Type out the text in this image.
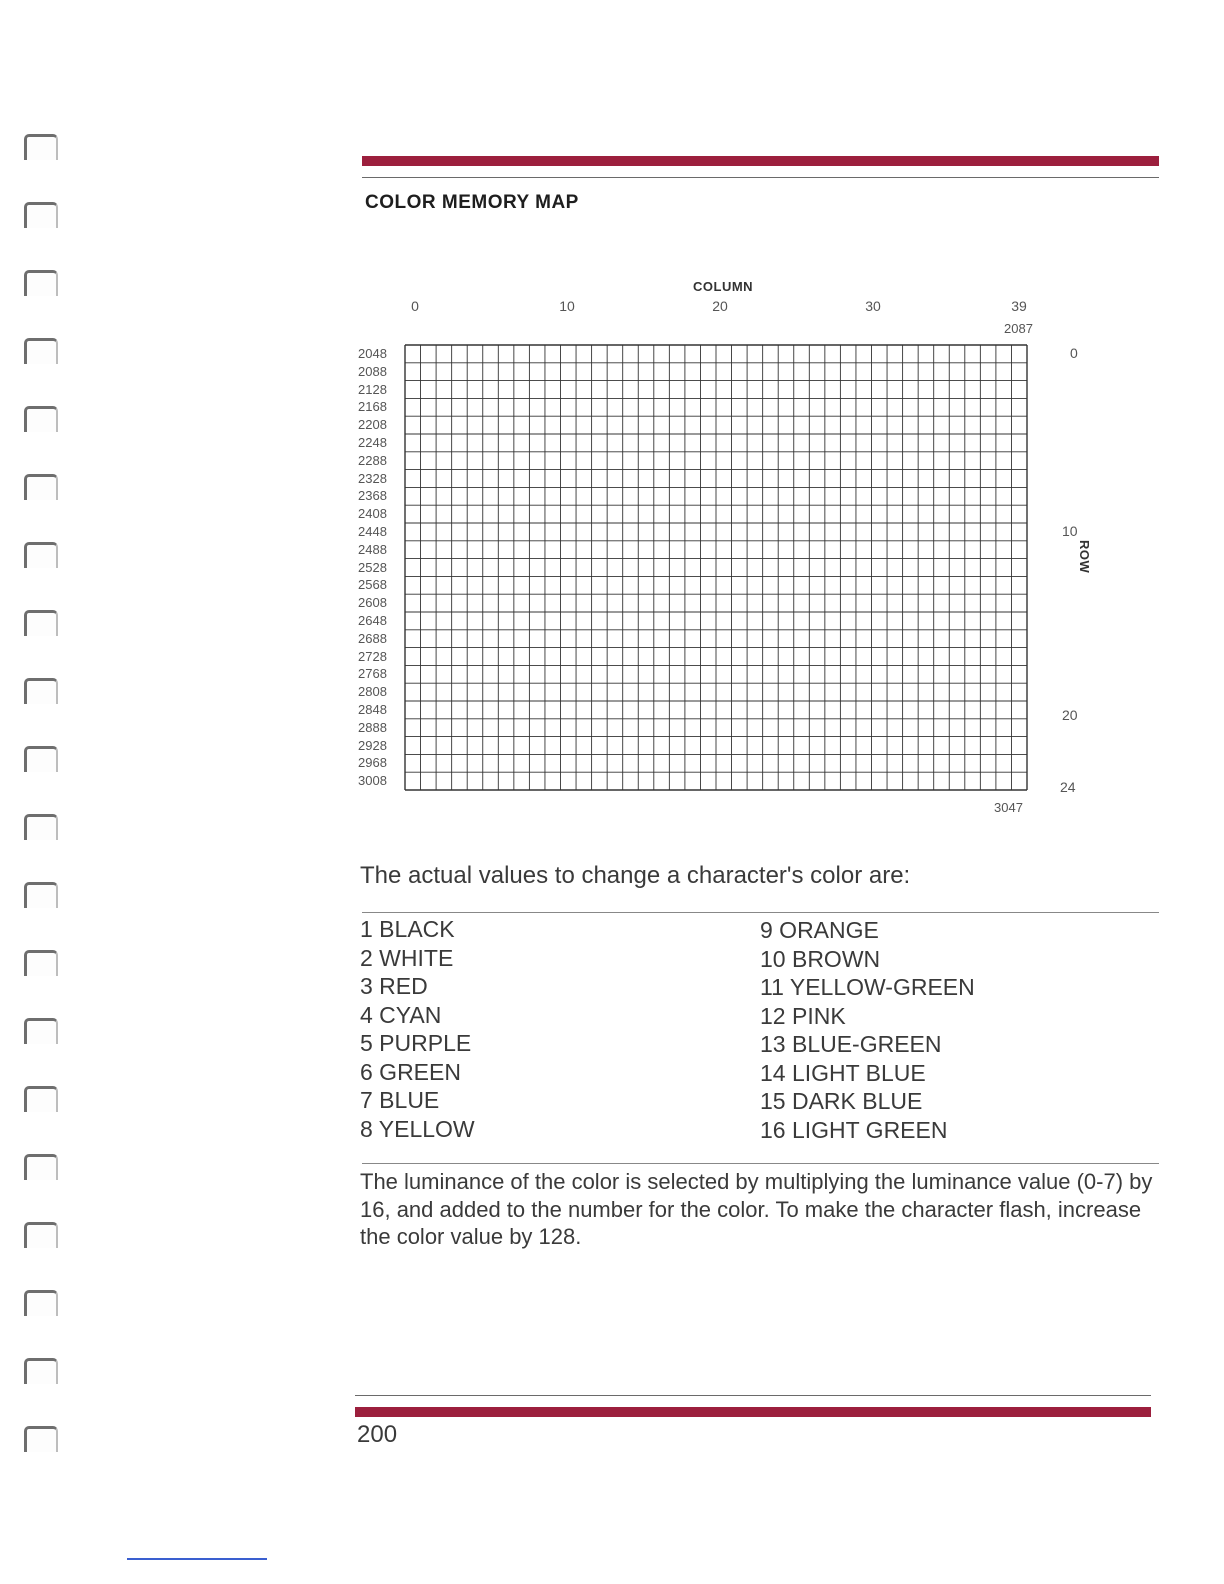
COLOR MEMORY MAP
COLUMN
0	10	20	30	39
2087
2048
2088
2128
2168
2208
2248
2288
2328
2368
2408
2448
2488
2528
2568
2608
2648
2688
2728
2768
2808
2848
2888
2928
2968
3008
3047
0
10
20
24
ROW
The actual values to change a character's color are:
1 BLACK
2 WHITE
3 RED
4 CYAN
5 PURPLE
6 GREEN
7 BLUE
8 YELLOW
9 ORANGE
10 BROWN
11 YELLOW-GREEN
12 PINK
13 BLUE-GREEN
14 LIGHT BLUE
15 DARK BLUE
16 LIGHT GREEN
The luminance of the color is selected by multiplying the luminance value (0-7) by 16, and added to the number for the color. To make the character flash, increase the color value by 128.
200
